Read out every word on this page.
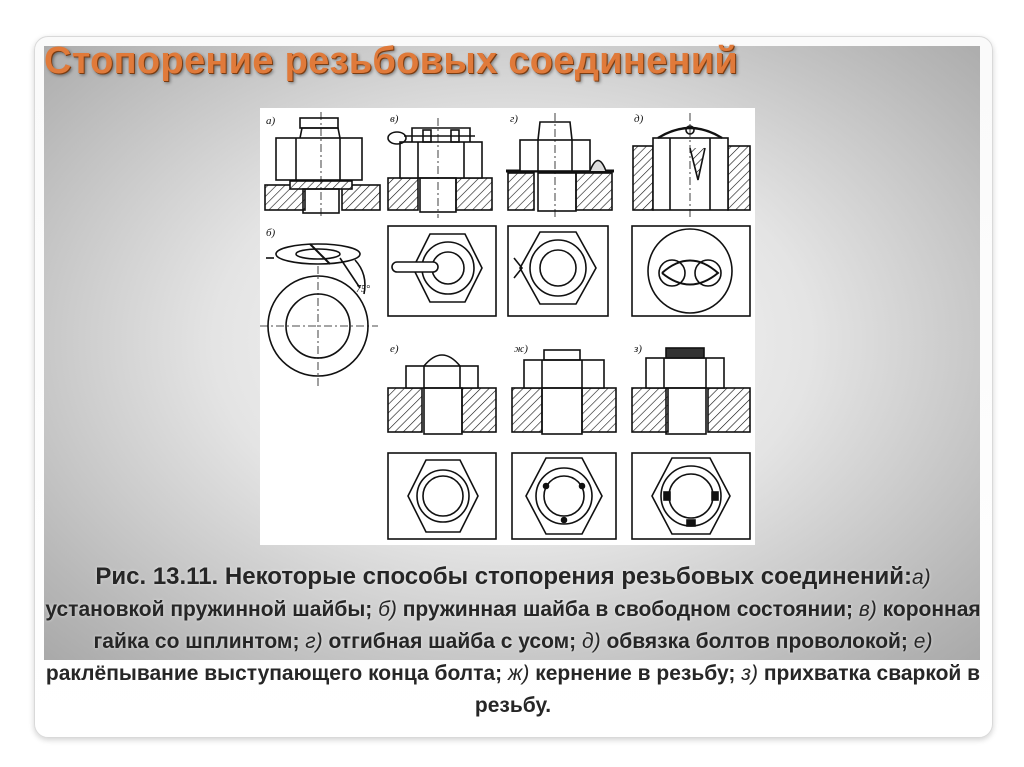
Стопорение резьбовых соединений
а)
б)
в)	г)	д)
е)	ж)	з)
75°

Рис. 13.11. Некоторые способы стопорения резьбовых соединений:а) установкой пружинной шайбы; б) пружинная шайба в свободном состоянии; в) коронная гайка со шплинтом; г) отгибная шайба с усом; д) обвязка болтов проволокой; е) раклёпывание выступающего конца болта; ж) кернение в резьбу; з) прихватка сваркой в резьбу.
